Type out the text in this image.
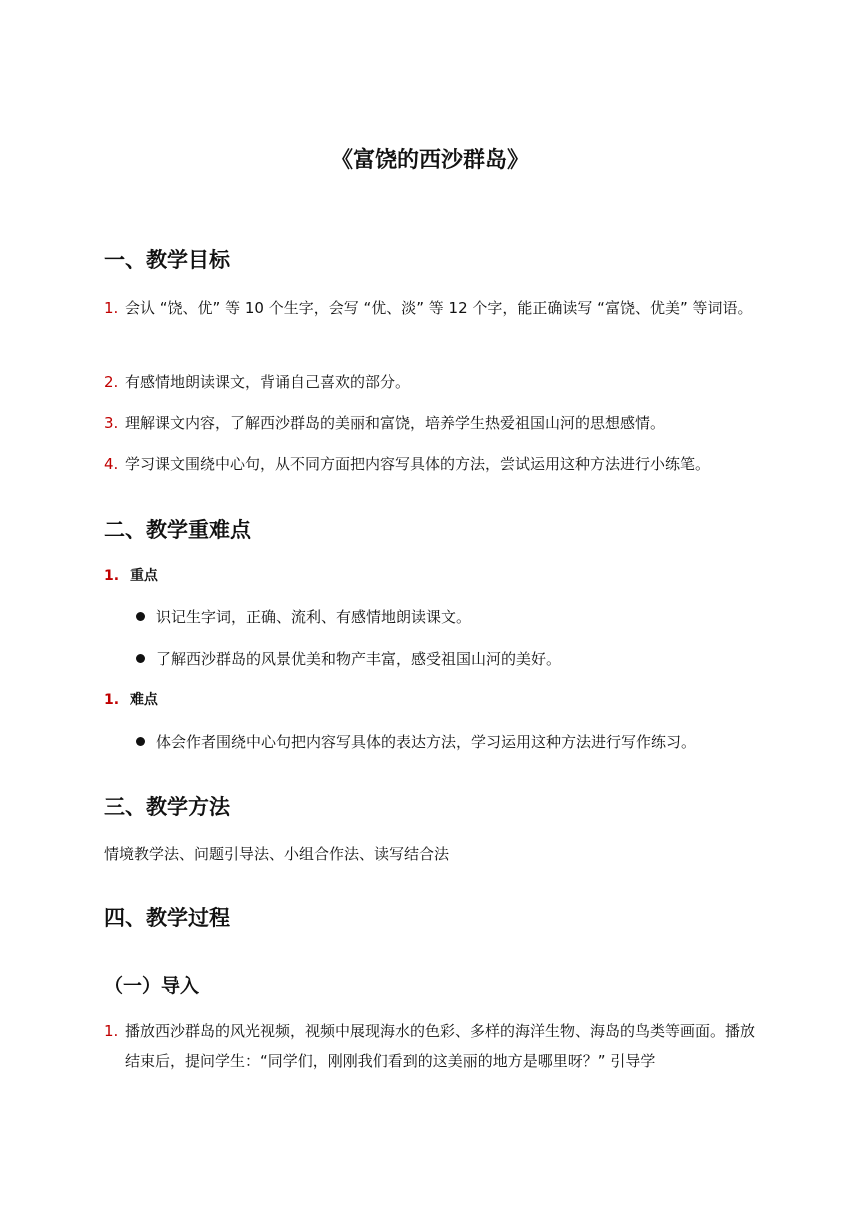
《富饶的西沙群岛》
一、教学目标
1. 会认 “饶、优” 等 10 个生字，会写 “优、淡” 等 12 个字，能正确读写 “富饶、优美” 等词语。
2. 有感情地朗读课文，背诵自己喜欢的部分。
3. 理解课文内容，了解西沙群岛的美丽和富饶，培养学生热爱祖国山河的思想感情。
4. 学习课文围绕中心句，从不同方面把内容写具体的方法，尝试运用这种方法进行小练笔。
二、教学重难点
1. 重点
识记生字词，正确、流利、有感情地朗读课文。
了解西沙群岛的风景优美和物产丰富，感受祖国山河的美好。
1. 难点
体会作者围绕中心句把内容写具体的表达方法，学习运用这种方法进行写作练习。
三、教学方法
情境教学法、问题引导法、小组合作法、读写结合法
四、教学过程
（一）导入
1. 播放西沙群岛的风光视频，视频中展现海水的色彩、多样的海洋生物、海岛的鸟类等画面。播放结束后，提问学生：“同学们，刚刚我们看到的这美丽的地方是哪里呀？” 引导学
